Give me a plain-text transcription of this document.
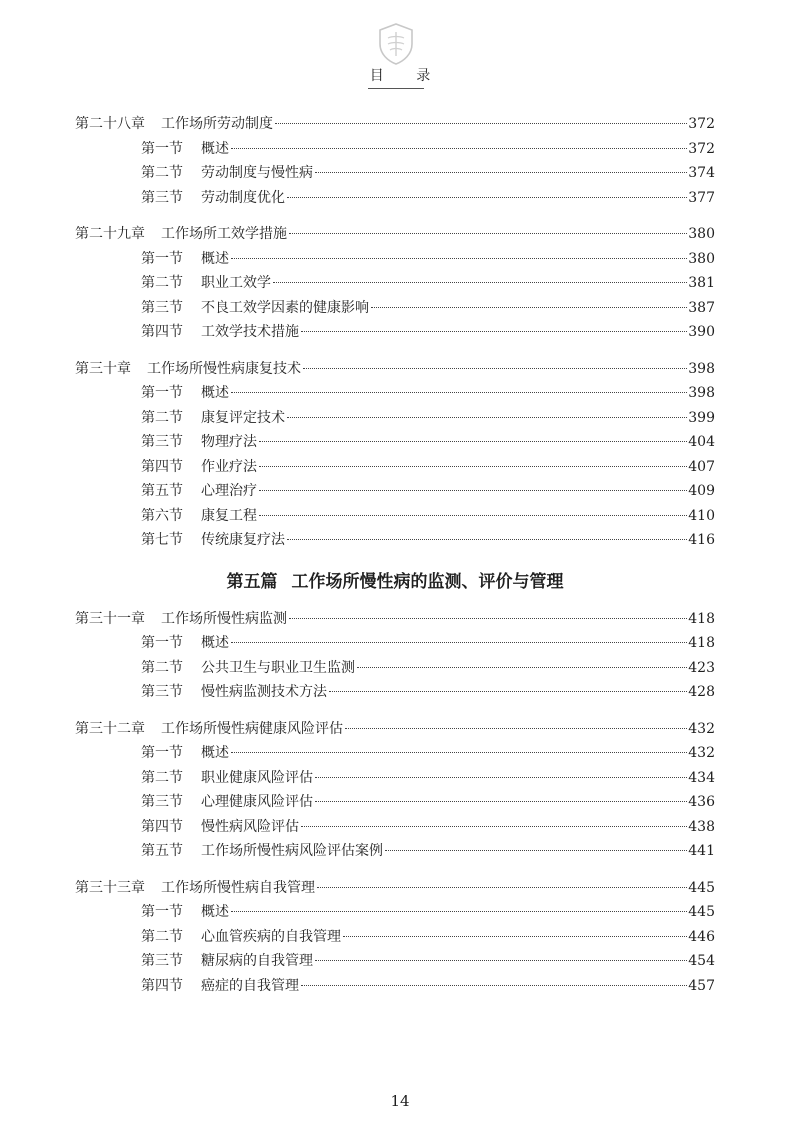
目 录
第二十八章 工作场所劳动制度	372
第一节 概述	372
第二节 劳动制度与慢性病	374
第三节 劳动制度优化	377
第二十九章 工作场所工效学措施	380
第一节 概述	380
第二节 职业工效学	381
第三节 不良工效学因素的健康影响	387
第四节 工效学技术措施	390
第三十章 工作场所慢性病康复技术	398
第一节 概述	398
第二节 康复评定技术	399
第三节 物理疗法	404
第四节 作业疗法	407
第五节 心理治疗	409
第六节 康复工程	410
第七节 传统康复疗法	416
第五篇 工作场所慢性病的监测、评价与管理
第三十一章 工作场所慢性病监测	418
第一节 概述	418
第二节 公共卫生与职业卫生监测	423
第三节 慢性病监测技术方法	428
第三十二章 工作场所慢性病健康风险评估	432
第一节 概述	432
第二节 职业健康风险评估	434
第三节 心理健康风险评估	436
第四节 慢性病风险评估	438
第五节 工作场所慢性病风险评估案例	441
第三十三章 工作场所慢性病自我管理	445
第一节 概述	445
第二节 心血管疾病的自我管理	446
第三节 糖尿病的自我管理	454
第四节 癌症的自我管理	457
14
